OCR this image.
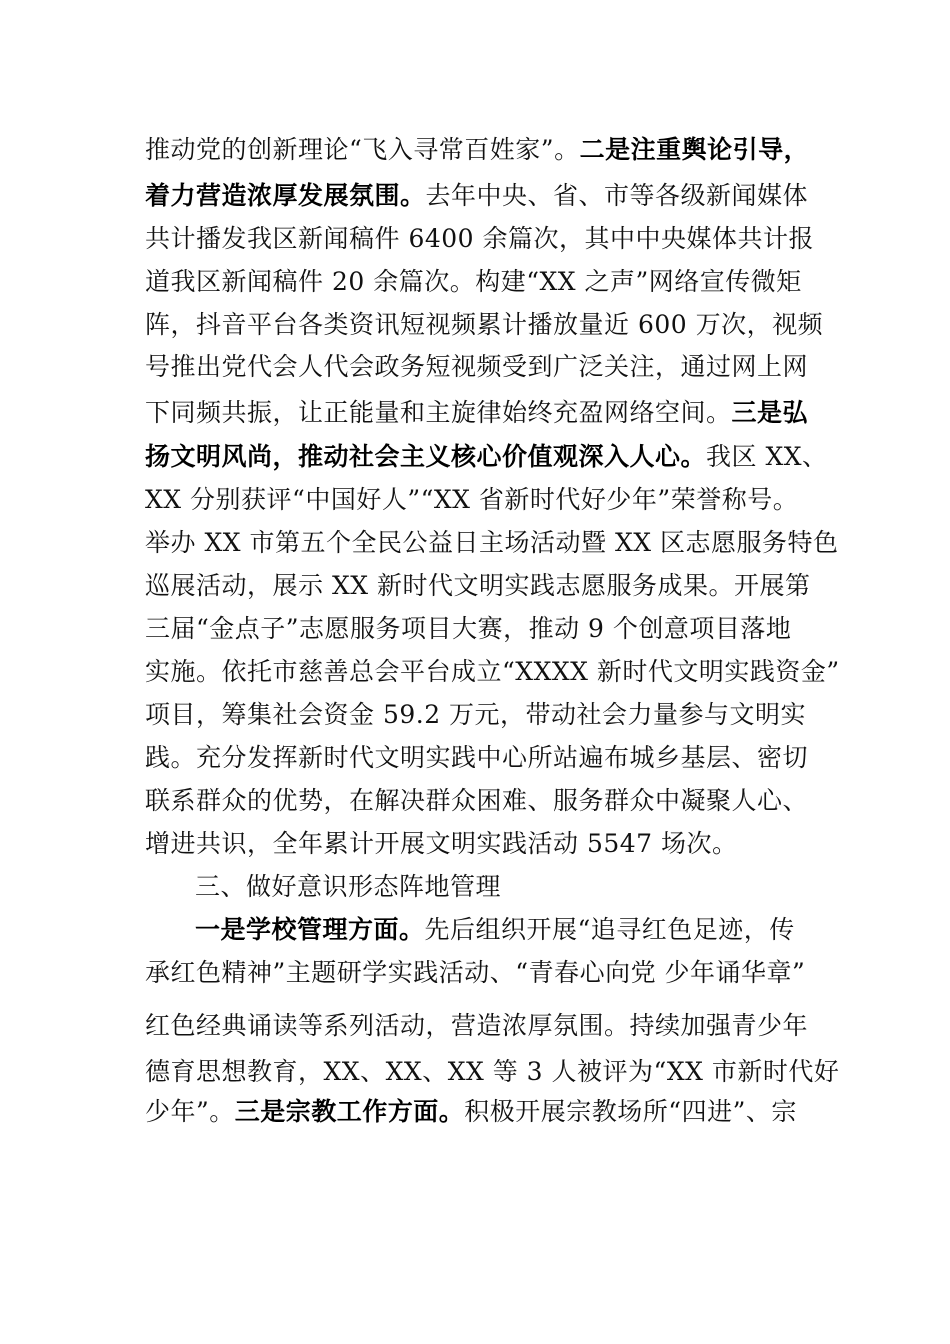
推动党的创新理论“飞入寻常百姓家”。二是注重舆论引导，
着力营造浓厚发展氛围。去年中央、省、市等各级新闻媒体
共计播发我区新闻稿件 6400 余篇次，其中中央媒体共计报
道我区新闻稿件 20 余篇次。构建“XX 之声”网络宣传微矩
阵，抖音平台各类资讯短视频累计播放量近 600 万次，视频
号推出党代会人代会政务短视频受到广泛关注，通过网上网
下同频共振，让正能量和主旋律始终充盈网络空间。三是弘
扬文明风尚，推动社会主义核心价值观深入人心。我区 XX、
XX 分别获评“中国好人”“XX 省新时代好少年”荣誉称号。
举办 XX 市第五个全民公益日主场活动暨 XX 区志愿服务特色
巡展活动，展示 XX 新时代文明实践志愿服务成果。开展第
三届“金点子”志愿服务项目大赛，推动 9 个创意项目落地
实施。依托市慈善总会平台成立“XXXX 新时代文明实践资金”
项目，筹集社会资金 59.2 万元，带动社会力量参与文明实
践。充分发挥新时代文明实践中心所站遍布城乡基层、密切
联系群众的优势，在解决群众困难、服务群众中凝聚人心、
增进共识，全年累计开展文明实践活动 5547 场次。
三、做好意识形态阵地管理
一是学校管理方面。先后组织开展“追寻红色足迹，传
承红色精神”主题研学实践活动、“青春心向党 少年诵华章”
红色经典诵读等系列活动，营造浓厚氛围。持续加强青少年
德育思想教育，XX、XX、XX 等 3 人被评为“XX 市新时代好
少年”。三是宗教工作方面。积极开展宗教场所“四进”、宗
